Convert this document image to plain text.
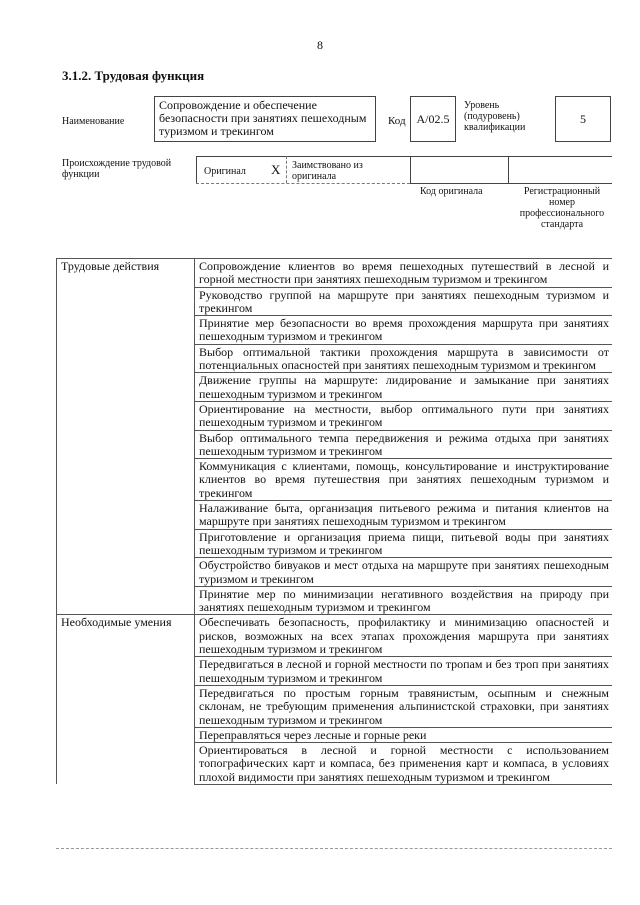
8
3.1.2. Трудовая функция
Наименование
Сопровождение и обеспечение безопасности при занятиях пешеходным туризмом и трекингом
Код А/02.5
Уровень (подуровень) квалификации
5
Происхождение трудовой функции	Оригинал X Заимствовано из оригинала
Код оригинала	Регистрационный номер профессионального стандарта
Трудовые действия	Сопровождение клиентов во время пешеходных путешествий в лесной и горной местности при занятиях пешеходным туризмом и трекингом
	Руководство группой на маршруте при занятиях пешеходным туризмом и трекингом
	Принятие мер безопасности во время прохождения маршрута при занятиях пешеходным туризмом и трекингом
	Выбор оптимальной тактики прохождения маршрута в зависимости от потенциальных опасностей при занятиях пешеходным туризмом и трекингом
	Движение группы на маршруте: лидирование и замыкание при занятиях пешеходным туризмом и трекингом
	Ориентирование на местности, выбор оптимального пути при занятиях пешеходным туризмом и трекингом
	Выбор оптимального темпа передвижения и режима отдыха при занятиях пешеходным туризмом и трекингом
	Коммуникация с клиентами, помощь, консультирование и инструктирование клиентов во время путешествия при занятиях пешеходным туризмом и трекингом
	Налаживание быта, организация питьевого режима и питания клиентов на маршруте при занятиях пешеходным туризмом и трекингом
	Приготовление и организация приема пищи, питьевой воды при занятиях пешеходным туризмом и трекингом
	Обустройство бивуаков и мест отдыха на маршруте при занятиях пешеходным туризмом и трекингом
	Принятие мер по минимизации негативного воздействия на природу при занятиях пешеходным туризмом и трекингом
Необходимые умения	Обеспечивать безопасность, профилактику и минимизацию опасностей и рисков, возможных на всех этапах прохождения маршрута при занятиях пешеходным туризмом и трекингом
	Передвигаться в лесной и горной местности по тропам и без троп при занятиях пешеходным туризмом и трекингом
	Передвигаться по простым горным травянистым, осыпным и снежным склонам, не требующим применения альпинистской страховки, при занятиях пешеходным туризмом и трекингом
	Переправляться через лесные и горные реки
	Ориентироваться в лесной и горной местности с использованием топографических карт и компаса, без применения карт и компаса, в условиях плохой видимости при занятиях пешеходным туризмом и трекингом
